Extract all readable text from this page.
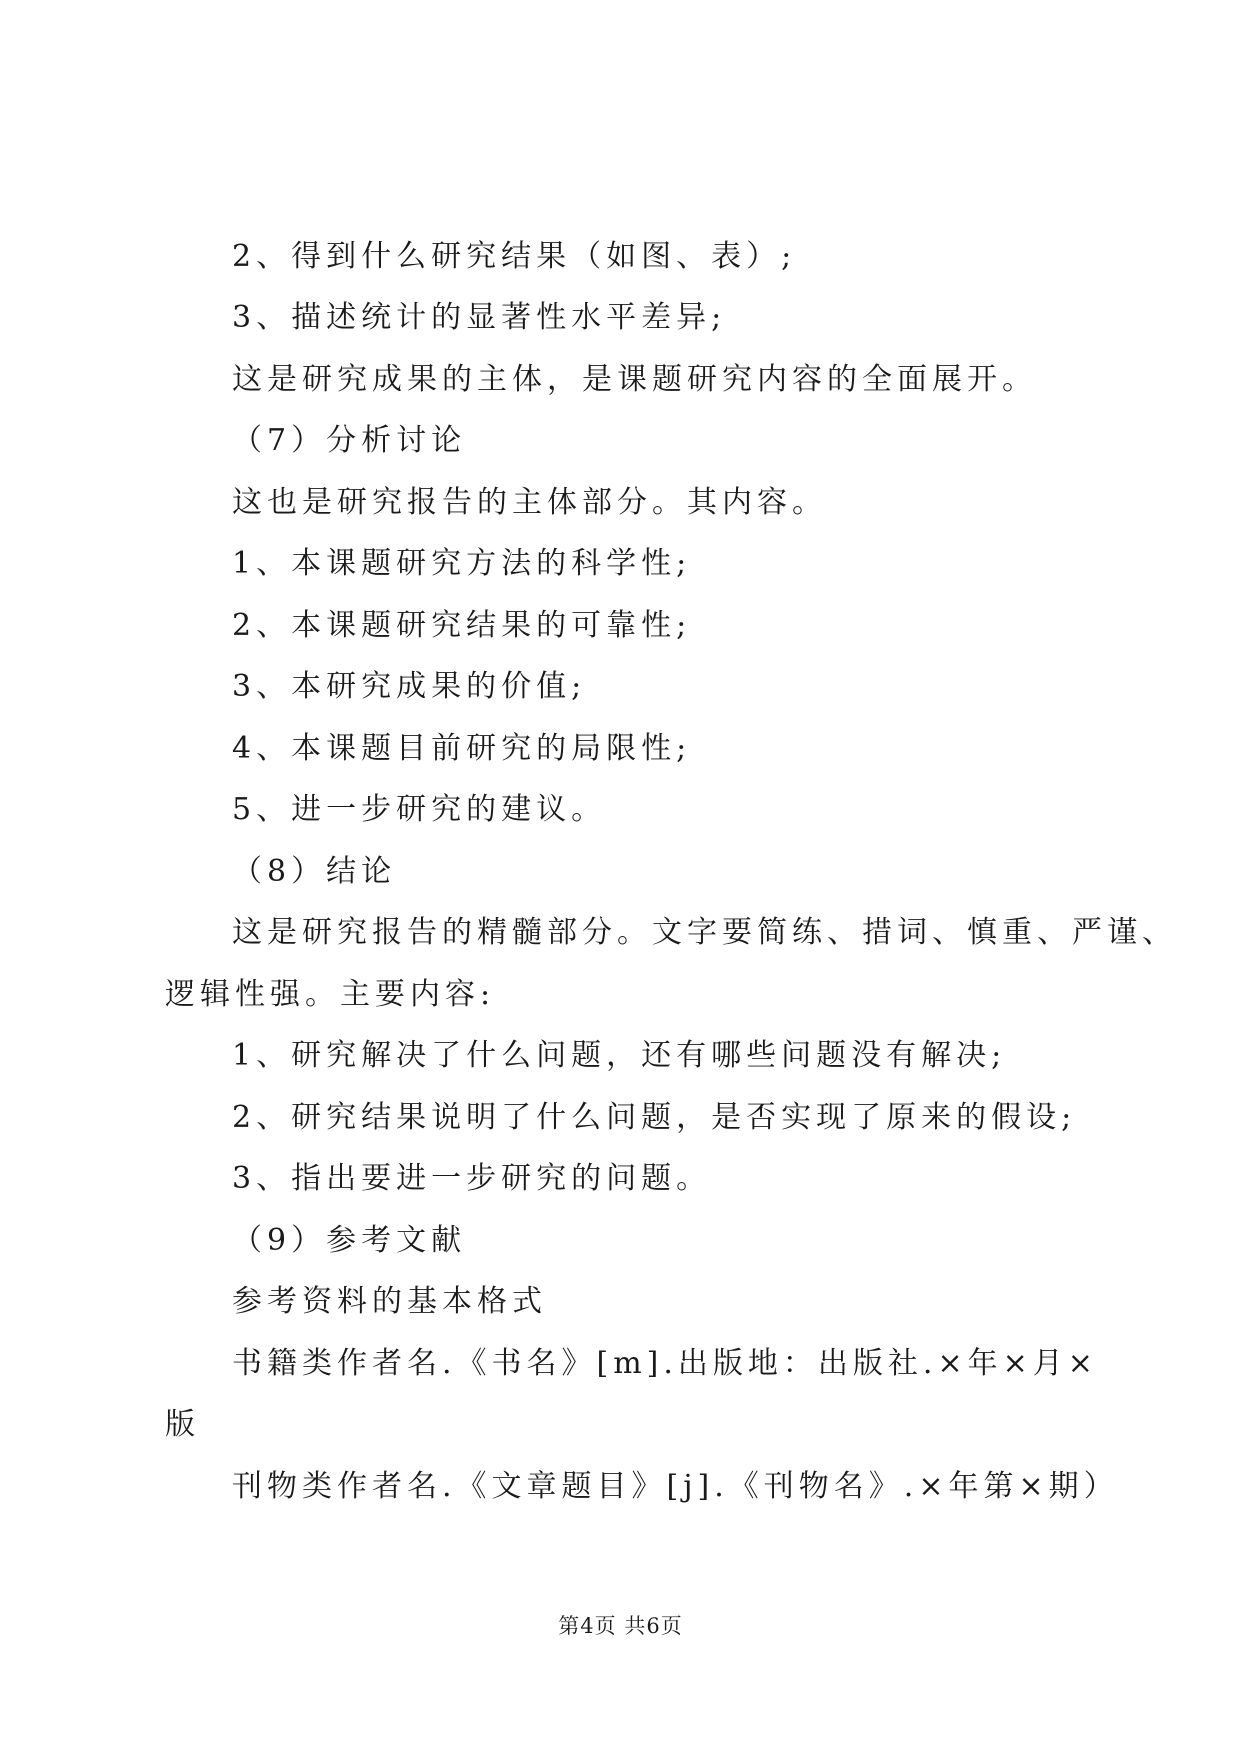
2、得到什么研究结果（如图、表）;
3、描述统计的显著性水平差异;
这是研究成果的主体，是课题研究内容的全面展开。
（7）分析讨论
这也是研究报告的主体部分。其内容。
1、本课题研究方法的科学性;
2、本课题研究结果的可靠性;
3、本研究成果的价值;
4、本课题目前研究的局限性;
5、进一步研究的建议。
（8）结论
这是研究报告的精髓部分。文字要简练、措词、慎重、严谨、
逻辑性强。主要内容:
1、研究解决了什么问题，还有哪些问题没有解决;
2、研究结果说明了什么问题，是否实现了原来的假设;
3、指出要进一步研究的问题。
（9）参考文献
参考资料的基本格式
书籍类作者名.《书名》[m].出版地：出版社.×年×月×
版
刊物类作者名.《文章题目》[j].《刊物名》.×年第×期）
第4页 共6页
